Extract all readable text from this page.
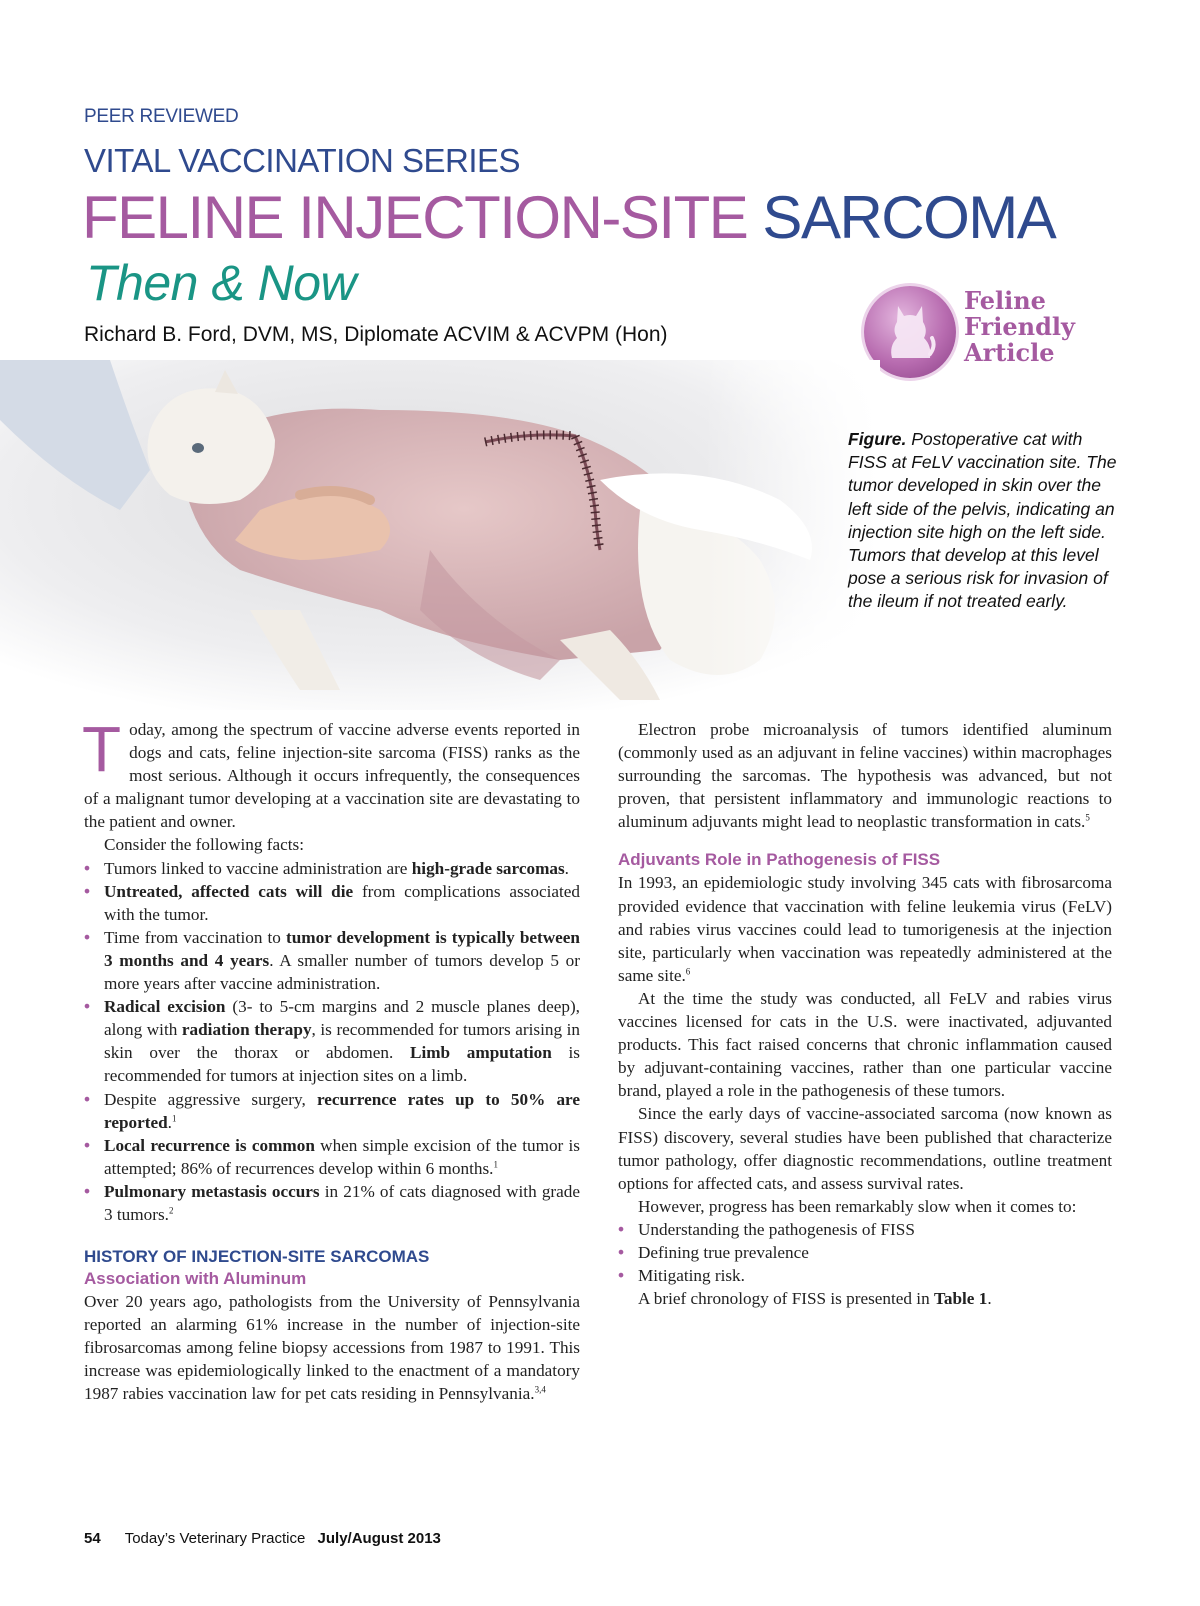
PEER REVIEWED
VITAL VACCINATION SERIES
FELINE INJECTION-SITE SARCOMA
Then & Now
Richard B. Ford, DVM, MS, Diplomate ACVIM & ACVPM (Hon)
Feline
Friendly
Article
Figure. Postoperative cat with FISS at FeLV vaccination site. The tumor developed in skin over the left side of the pelvis, indicating an injection site high on the left side. Tumors that develop at this level pose a serious risk for invasion of the ileum if not treated early.

Today, among the spectrum of vaccine adverse events reported in dogs and cats, feline injection-site sarcoma (FISS) ranks as the most serious. Although it occurs infrequently, the consequences of a malignant tumor developing at a vaccination site are devastating to the patient and owner.

Consider the following facts:

• Tumors linked to vaccine administration are high-grade sarcomas.
• Untreated, affected cats will die from complications associated with the tumor.
• Time from vaccination to tumor development is typically between 3 months and 4 years. A smaller number of tumors develop 5 or more years after vaccine administration.
• Radical excision (3- to 5-cm margins and 2 muscle planes deep), along with radiation therapy, is recommended for tumors arising in skin over the thorax or abdomen. Limb amputation is recommended for tumors at injection sites on a limb.
• Despite aggressive surgery, recurrence rates up to 50% are reported.$^1$
• Local recurrence is common when simple excision of the tumor is attempted; 86% of recurrences develop within 6 months.$^1$
• Pulmonary metastasis occurs in 21% of cats diagnosed with grade 3 tumors.$^2$
HISTORY OF INJECTION-SITE SARCOMAS
Association with Aluminum

Over 20 years ago, pathologists from the University of Pennsylvania reported an alarming 61% increase in the number of injection-site fibrosarcomas among feline biopsy accessions from 1987 to 1991. This increase was epidemiologically linked to the enactment of a mandatory 1987 rabies vaccination law for pet cats residing in Pennsylvania.$^{3,4}$

Electron probe microanalysis of tumors identified aluminum (commonly used as an adjuvant in feline vaccines) within macrophages surrounding the sarcomas. The hypothesis was advanced, but not proven, that persistent inflammatory and immunologic reactions to aluminum adjuvants might lead to neoplastic transformation in cats.$^5$

Adjuvants Role in Pathogenesis of FISS

In 1993, an epidemiologic study involving 345 cats with fibrosarcoma provided evidence that vaccination with feline leukemia virus (FeLV) and rabies virus vaccines could lead to tumorigenesis at the injection site, particularly when vaccination was repeatedly administered at the same site.$^6$

At the time the study was conducted, all FeLV and rabies virus vaccines licensed for cats in the U.S. were inactivated, adjuvanted products. This fact raised concerns that chronic inflammation caused by adjuvant-containing vaccines, rather than one particular vaccine brand, played a role in the pathogenesis of these tumors.

Since the early days of vaccine-associated sarcoma (now known as FISS) discovery, several studies have been published that characterize tumor pathology, offer diagnostic recommendations, outline treatment options for affected cats, and assess survival rates.

However, progress has been remarkably slow when it comes to:

• Understanding the pathogenesis of FISS
• Defining true prevalence
• Mitigating risk.

A brief chronology of FISS is presented in Table 1.

54 Today’s Veterinary Practice July/August 2013
